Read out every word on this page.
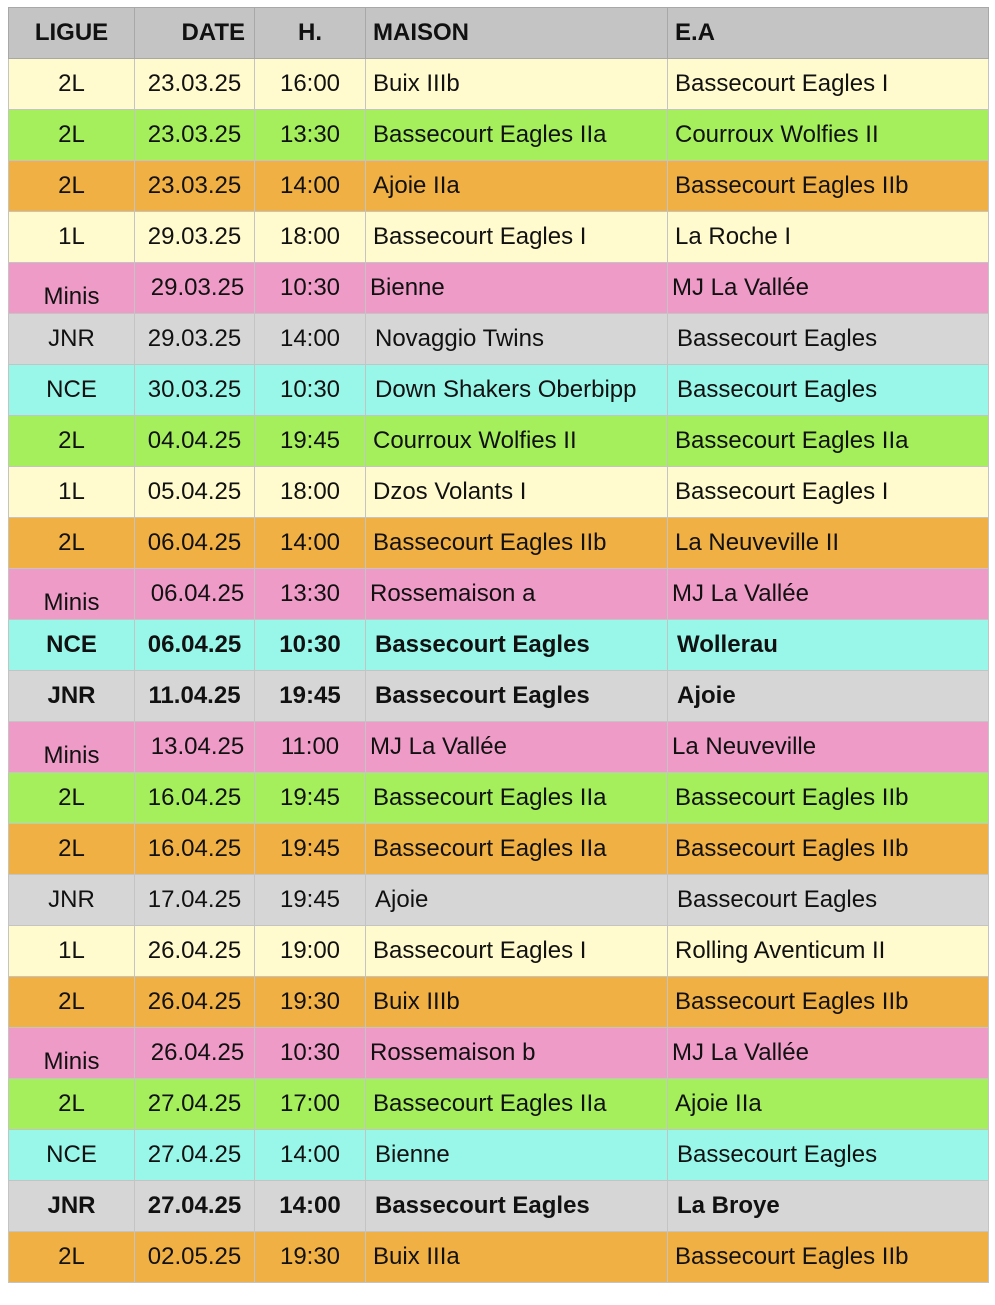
LIGUE	DATE	H.	MAISON	E.A
2L	23.03.25	16:00	Buix IIIb	Bassecourt Eagles I
2L	23.03.25	13:30	Bassecourt Eagles IIa	Courroux Wolfies II
2L	23.03.25	14:00	Ajoie IIa	Bassecourt Eagles IIb
1L	29.03.25	18:00	Bassecourt Eagles I	La Roche I
Minis	29.03.25	10:30	Bienne	MJ La Vallée
JNR	29.03.25	14:00	Novaggio Twins	Bassecourt Eagles
NCE	30.03.25	10:30	Down Shakers Oberbipp	Bassecourt Eagles
2L	04.04.25	19:45	Courroux Wolfies II	Bassecourt Eagles IIa
1L	05.04.25	18:00	Dzos Volants I	Bassecourt Eagles I
2L	06.04.25	14:00	Bassecourt Eagles IIb	La Neuveville II
Minis	06.04.25	13:30	Rossemaison a	MJ La Vallée
NCE	06.04.25	10:30	Bassecourt Eagles	Wollerau
JNR	11.04.25	19:45	Bassecourt Eagles	Ajoie
Minis	13.04.25	11:00	MJ La Vallée	La Neuveville
2L	16.04.25	19:45	Bassecourt Eagles IIa	Bassecourt Eagles IIb
2L	16.04.25	19:45	Bassecourt Eagles IIa	Bassecourt Eagles IIb
JNR	17.04.25	19:45	Ajoie	Bassecourt Eagles
1L	26.04.25	19:00	Bassecourt Eagles I	Rolling Aventicum II
2L	26.04.25	19:30	Buix IIIb	Bassecourt Eagles IIb
Minis	26.04.25	10:30	Rossemaison b	MJ La Vallée
2L	27.04.25	17:00	Bassecourt Eagles IIa	Ajoie IIa
NCE	27.04.25	14:00	Bienne	Bassecourt Eagles
JNR	27.04.25	14:00	Bassecourt Eagles	La Broye
2L	02.05.25	19:30	Buix IIIa	Bassecourt Eagles IIb
